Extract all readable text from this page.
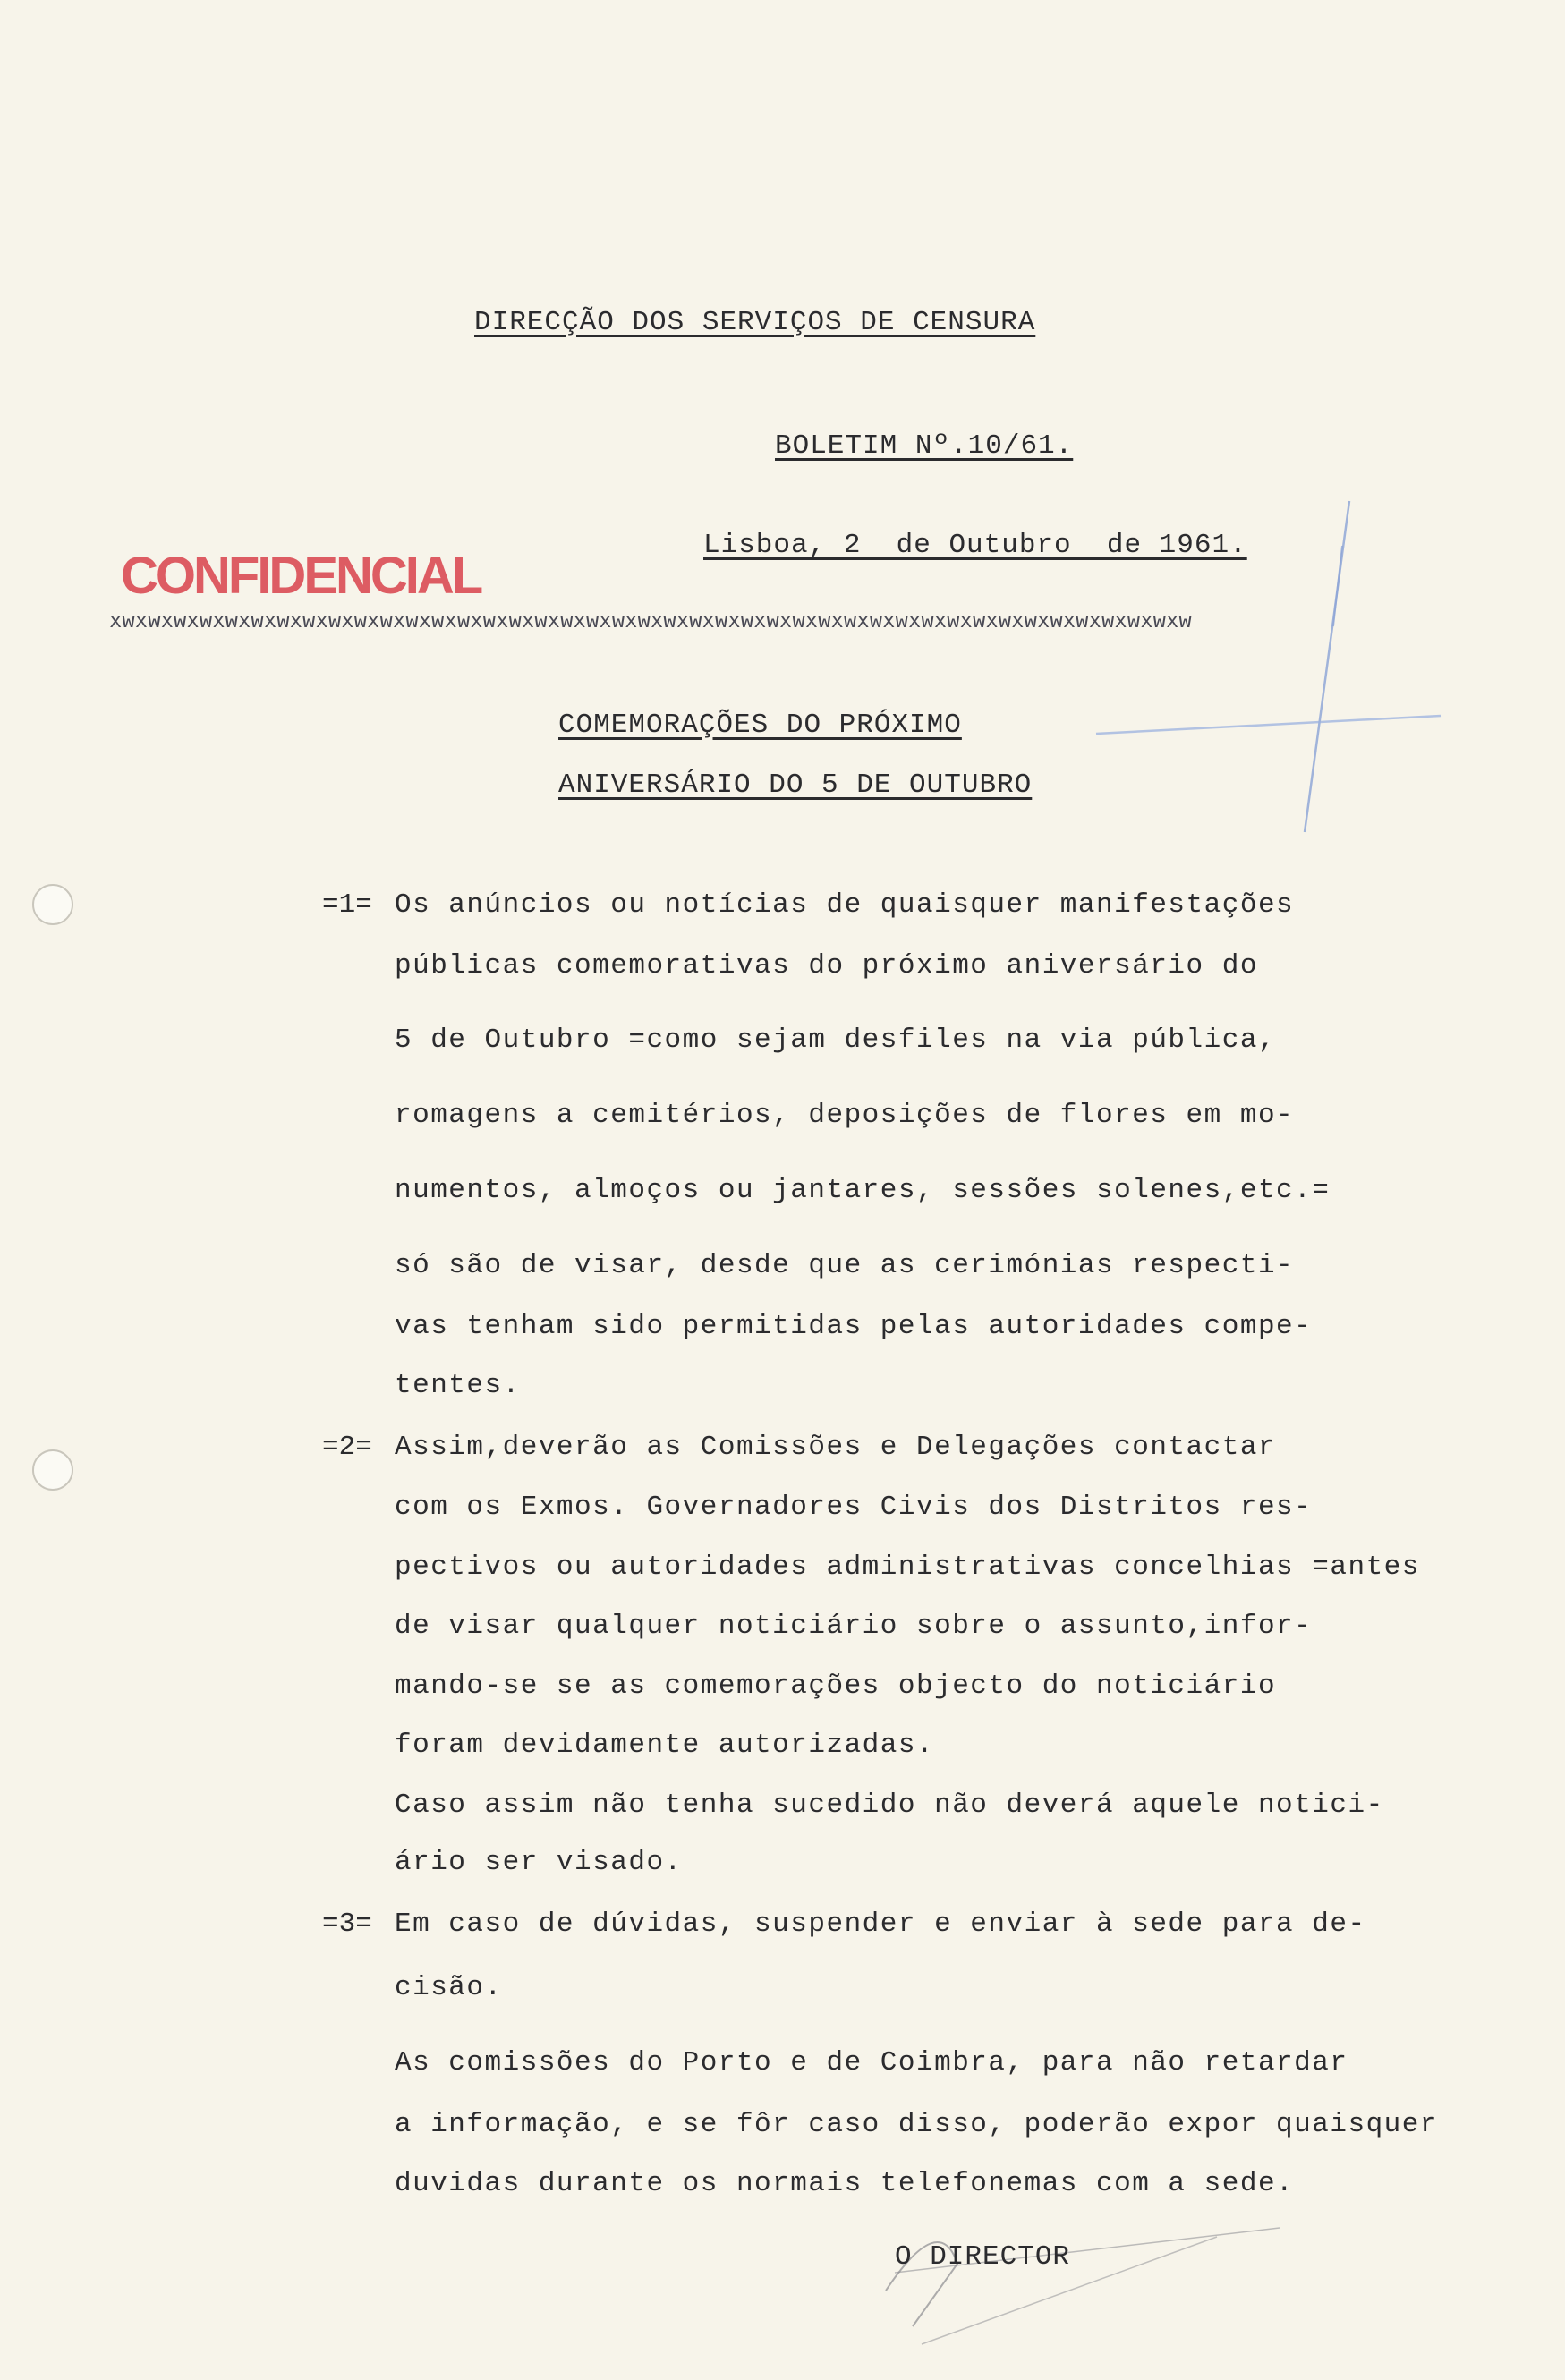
DIRECÇÃO DOS SERVIÇOS DE CENSURA
BOLETIM Nº.10/61.
Lisboa, 2  de Outubro  de 1961.
CONFIDENCIAL
xwxwxwxwxwxwxwxwxwxwxwxwxwxwxwxwxwxwxwxwxwxwxwxwxwxwxwxwxwxwxwxwxwxwxwxwxwxwxwxwxwxw
COMEMORAÇÕES DO PRÓXIMO
ANIVERSÁRIO DO 5 DE OUTUBRO
=1= Os anúncios ou notícias de quaisquer manifestações
públicas comemorativas do próximo aniversário do
5 de Outubro =como sejam desfiles na via pública,
romagens a cemitérios, deposições de flores em mo-
numentos, almoços ou jantares, sessões solenes,etc.=
só são de visar, desde que as cerimónias respecti-
vas tenham sido permitidas pelas autoridades compe-
tentes.
=2= Assim,deverão as Comissões e Delegações contactar
com os Exmos. Governadores Civis dos Distritos res-
pectivos ou autoridades administrativas concelhias =antes
de visar qualquer noticiário sobre o assunto,infor-
mando-se se as comemorações objecto do noticiário
foram devidamente autorizadas.
Caso assim não tenha sucedido não deverá aquele notici-
ário ser visado.
=3= Em caso de dúvidas, suspender e enviar à sede para de-
cisão.
As comissões do Porto e de Coimbra, para não retardar
a informação, e se fôr caso disso, poderão expor quaisquer
duvidas durante os normais telefonemas com a sede.
O DIRECTOR
